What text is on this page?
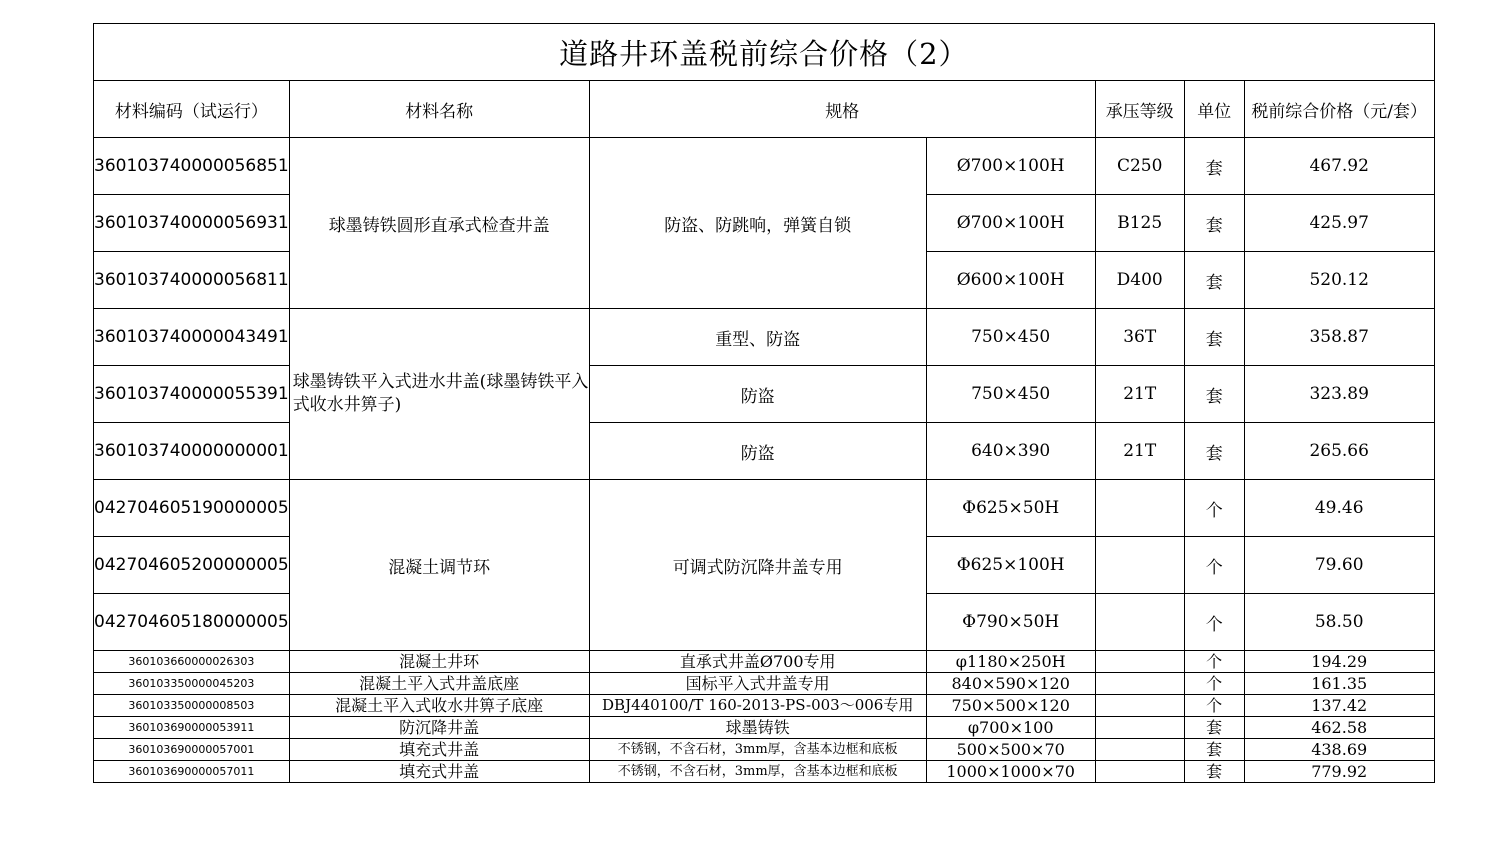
道路井环盖税前综合价格（2）						
材料编码（试运行）	材料名称	规格		承压等级	单位	税前综合价格（元/套）
360103740000056851	球墨铸铁圆形直承式检查井盖	防盗、防跳响，弹簧自锁	Ø700×100H	C250	套	467.92
360103740000056931			Ø700×100H	B125	套	425.97
360103740000056811			Ø600×100H	D400	套	520.12
360103740000043491	球墨铸铁平入式进水井盖(球墨铸铁平入式收水井箅子)	重型、防盗	750×450	36T	套	358.87
360103740000055391		防盗	750×450	21T	套	323.89
360103740000000001		防盗	640×390	21T	套	265.66
042704605190000005	混凝土调节环	可调式防沉降井盖专用	Φ625×50H		个	49.46
042704605200000005			Φ625×100H		个	79.60
042704605180000005			Φ790×50H		个	58.50
360103660000026303	混凝土井环	直承式井盖Ø700专用	φ1180×250H		个	194.29
360103350000045203	混凝土平入式井盖底座	国标平入式井盖专用	840×590×120		个	161.35
360103350000008503	混凝土平入式收水井箅子底座	DBJ440100/T 160-2013-PS-003～006专用	750×500×120		个	137.42
360103690000053911	防沉降井盖	球墨铸铁	φ700×100		套	462.58
360103690000057001	填充式井盖	不锈钢，不含石材，3mm厚，含基本边框和底板	500×500×70		套	438.69
360103690000057011	填充式井盖	不锈钢，不含石材，3mm厚，含基本边框和底板	1000×1000×70		套	779.92
